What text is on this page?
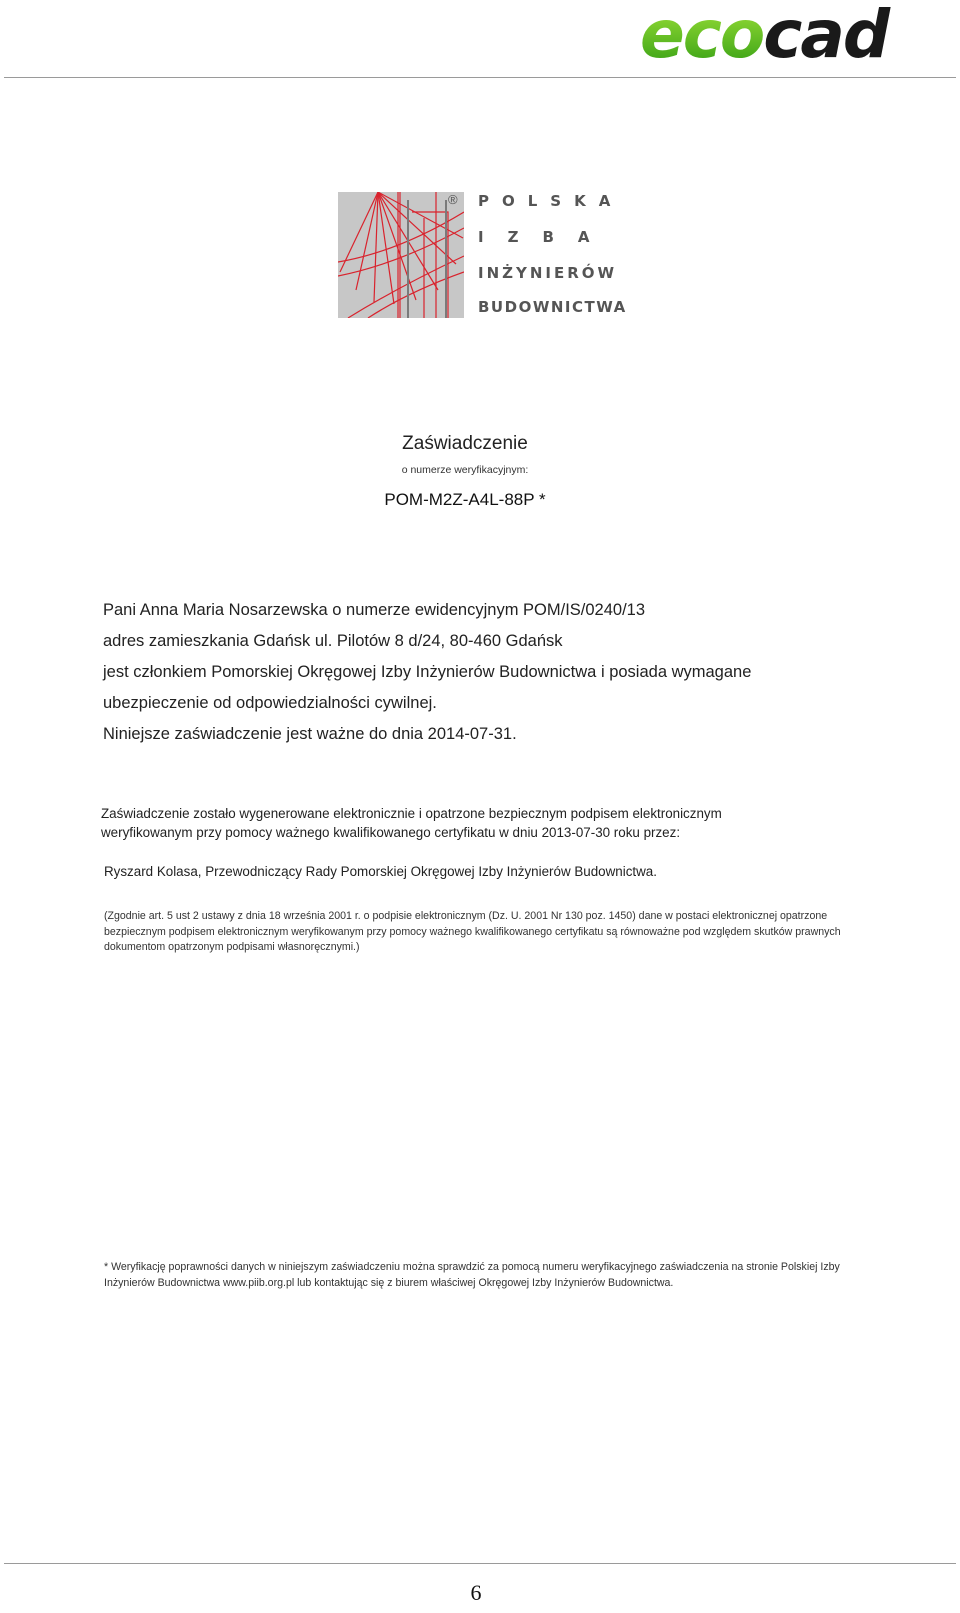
ecocad
® POLSKA
IZBA
INŻYNIERÓW
BUDOWNICTWA
Zaświadczenie
o numerze weryfikacyjnym:
POM-M2Z-A4L-88P *
Pani Anna Maria Nosarzewska o numerze ewidencyjnym POM/IS/0240/13
adres zamieszkania Gdańsk ul. Pilotów 8 d/24, 80-460 Gdańsk
jest członkiem Pomorskiej Okręgowej Izby Inżynierów Budownictwa i posiada wymagane
ubezpieczenie od odpowiedzialności cywilnej.
Niniejsze zaświadczenie jest ważne do dnia 2014-07-31.
Zaświadczenie zostało wygenerowane elektronicznie i opatrzone bezpiecznym podpisem elektronicznym
weryfikowanym przy pomocy ważnego kwalifikowanego certyfikatu w dniu 2013-07-30 roku przez:
Ryszard Kolasa, Przewodniczący Rady Pomorskiej Okręgowej Izby Inżynierów Budownictwa.
(Zgodnie art. 5 ust 2 ustawy z dnia 18 września 2001 r. o podpisie elektronicznym (Dz. U. 2001 Nr 130 poz. 1450) dane w postaci elektronicznej opatrzone bezpiecznym podpisem elektronicznym weryfikowanym przy pomocy ważnego kwalifikowanego certyfikatu są równoważne pod względem skutków prawnych dokumentom opatrzonym podpisami własnoręcznymi.)
* Weryfikację poprawności danych w niniejszym zaświadczeniu można sprawdzić za pomocą numeru weryfikacyjnego zaświadczenia na stronie Polskiej Izby Inżynierów Budownictwa www.piib.org.pl lub kontaktując się z biurem właściwej Okręgowej Izby Inżynierów Budownictwa.
6
